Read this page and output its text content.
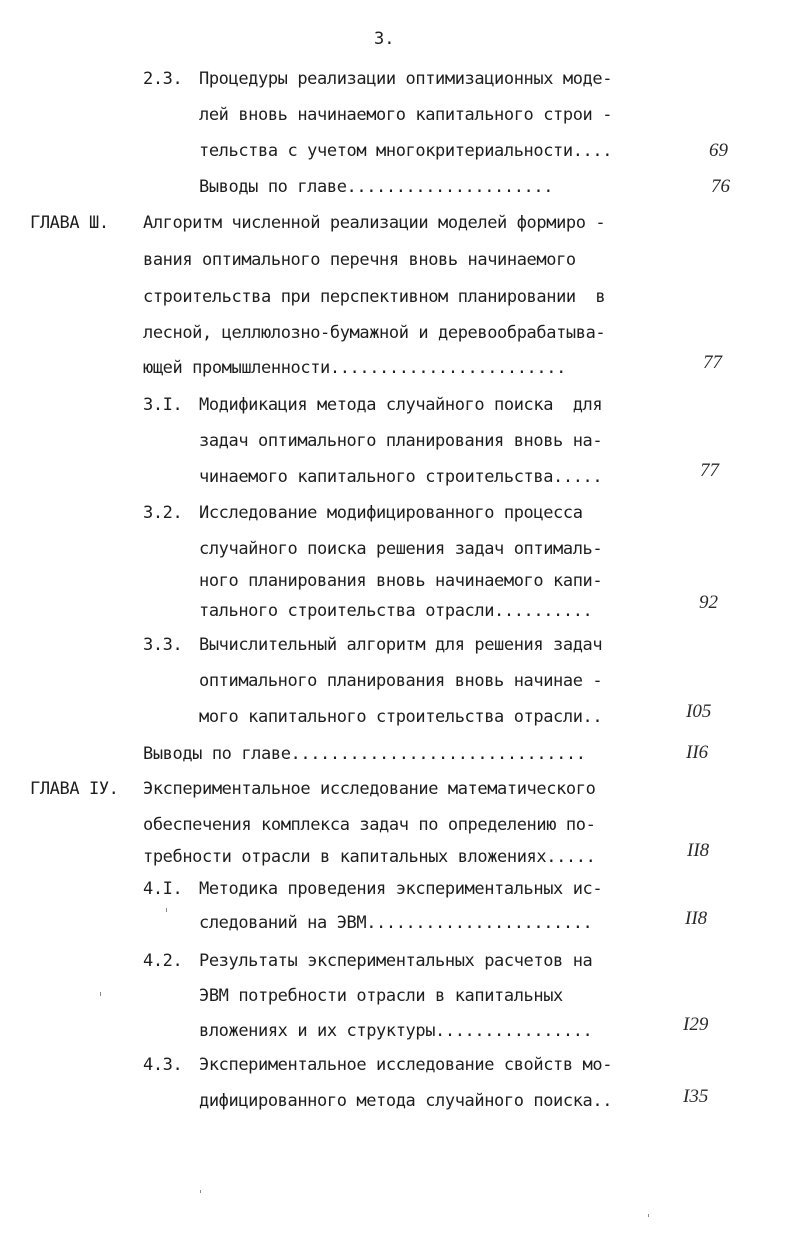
3.

2.3. Процедуры реализации оптимизационных моде-

лей вновь начинаемого капитального строи -

тельства с учетом многокритериальности....	69

Выводы по главе.....................	76

ГЛАВА Ш. Алгоритм численной реализации моделей формиро -

вания оптимального перечня вновь начинаемого

строительства при перспективном планировании  в

лесной, целлюлозно-бумажной и деревообрабатыва-

ющей промышленности........................	77

3.I. Модификация метода случайного поиска  для

задач оптимального планирования вновь на-

чинаемого капитального строительства.....	77

3.2. Исследование модифицированного процесса

случайного поиска решения задач оптималь-

ного планирования вновь начинаемого капи-

тального строительства отрасли..........	92

3.3. Вычислительный алгоритм для решения задач

оптимального планирования вновь начинае -

мого капитального строительства отрасли..	I05

Выводы по главе..............................	II6

ГЛАВА IУ. Экспериментальное исследование математического

обеспечения комплекса задач по определению по-

требности отрасли в капитальных вложениях.....	II8

4.I. Методика проведения экспериментальных ис-

следований на ЭВМ.......................	II8

4.2. Результаты экспериментальных расчетов на

ЭВМ потребности отрасли в капитальных

вложениях и их структуры................	I29

4.3. Экспериментальное исследование свойств мо-

дифицированного метода случайного поиска..	I35
